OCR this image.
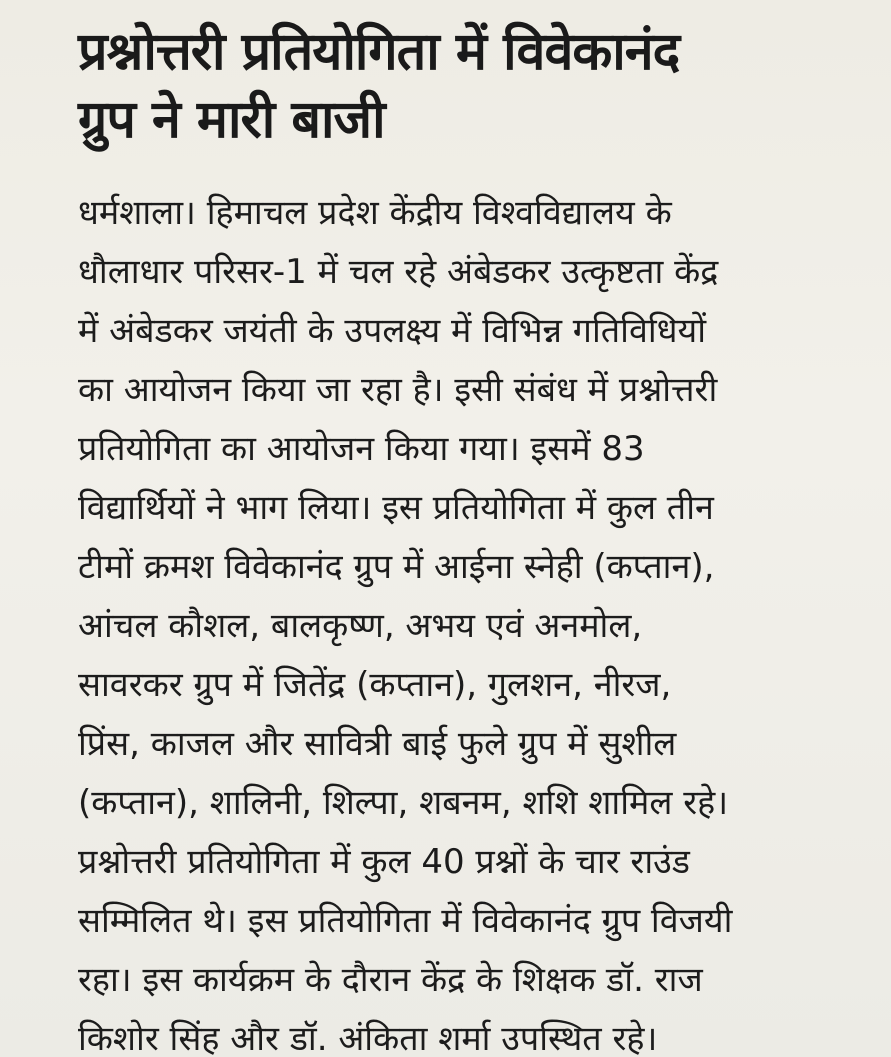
प्रश्नोत्तरी प्रतियोगिता में विवेकानंद
ग्रुप ने मारी बाजी
धर्मशाला। हिमाचल प्रदेश केंद्रीय विश्वविद्यालय के
धौलाधार परिसर-1 में चल रहे अंबेडकर उत्कृष्टता केंद्र
में अंबेडकर जयंती के उपलक्ष्य में विभिन्न गतिविधियों
का आयोजन किया जा रहा है। इसी संबंध में प्रश्नोत्तरी
प्रतियोगिता का आयोजन किया गया। इसमें 83
विद्यार्थियों ने भाग लिया। इस प्रतियोगिता में कुल तीन
टीमों क्रमश विवेकानंद ग्रुप में आईना स्नेही (कप्तान),
आंचल कौशल, बालकृष्ण, अभय एवं अनमोल,
सावरकर ग्रुप में जितेंद्र (कप्तान), गुलशन, नीरज,
प्रिंस, काजल और सावित्री बाई फुले ग्रुप में सुशील
(कप्तान), शालिनी, शिल्पा, शबनम, शशि शामिल रहे।
प्रश्नोत्तरी प्रतियोगिता में कुल 40 प्रश्नों के चार राउंड
सम्मिलित थे। इस प्रतियोगिता में विवेकानंद ग्रुप विजयी
रहा। इस कार्यक्रम के दौरान केंद्र के शिक्षक डॉ. राज
किशोर सिंह और डॉ. अंकिता शर्मा उपस्थित रहे।
